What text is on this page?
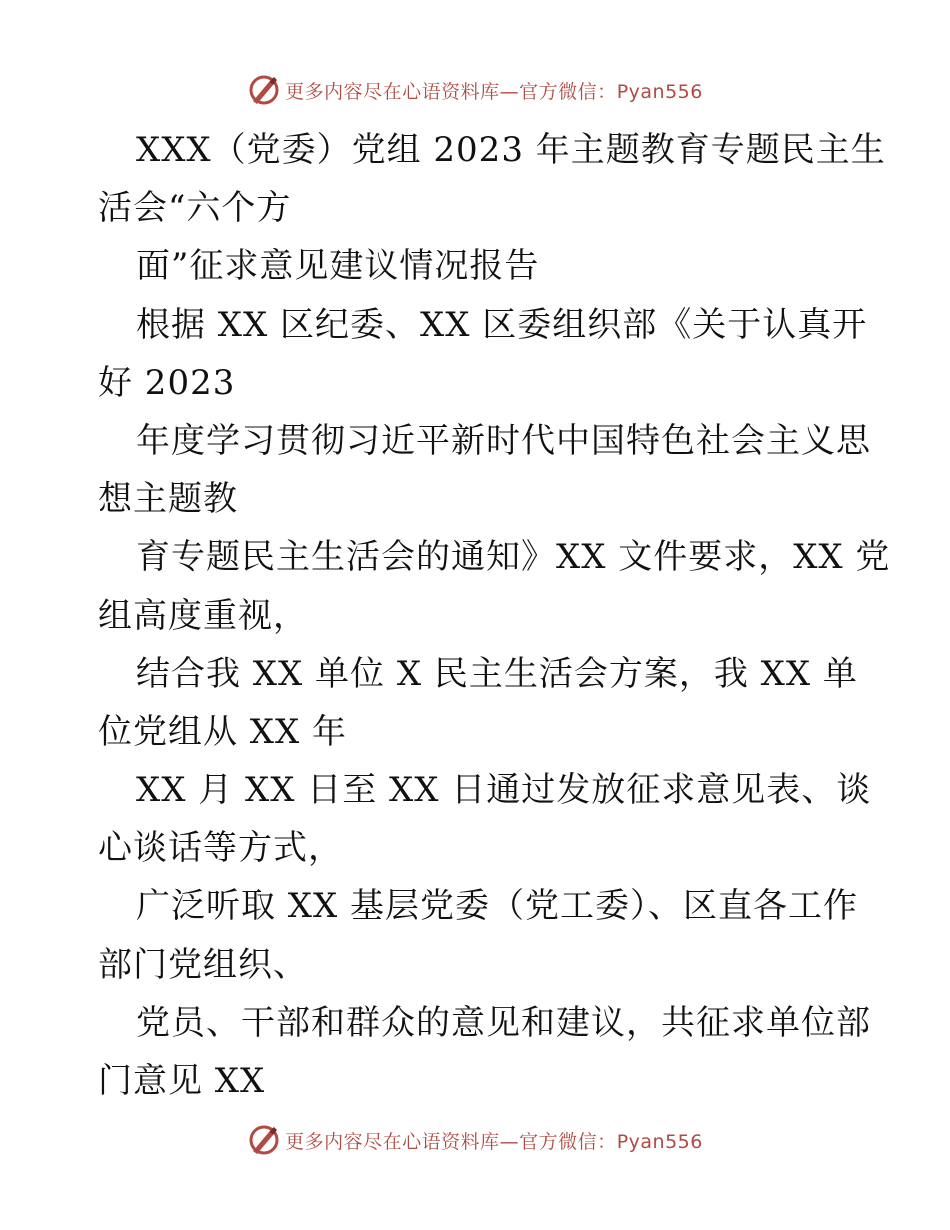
更多内容尽在心语资料库—官方微信：Pyan556
XXX（党委）党组 2023 年主题教育专题民主生
活会“六个方
面”征求意见建议情况报告
根据 XX 区纪委、XX 区委组织部《关于认真开
好 2023
年度学习贯彻习近平新时代中国特色社会主义思
想主题教
育专题民主生活会的通知》XX 文件要求，XX 党
组高度重视，
结合我 XX 单位 X 民主生活会方案，我 XX 单
位党组从 XX 年
XX 月 XX 日至 XX 日通过发放征求意见表、谈
心谈话等方式，
广泛听取 XX 基层党委（党工委）、区直各工作
部门党组织、
党员、干部和群众的意见和建议，共征求单位部
门意见 XX
更多内容尽在心语资料库—官方微信：Pyan556
